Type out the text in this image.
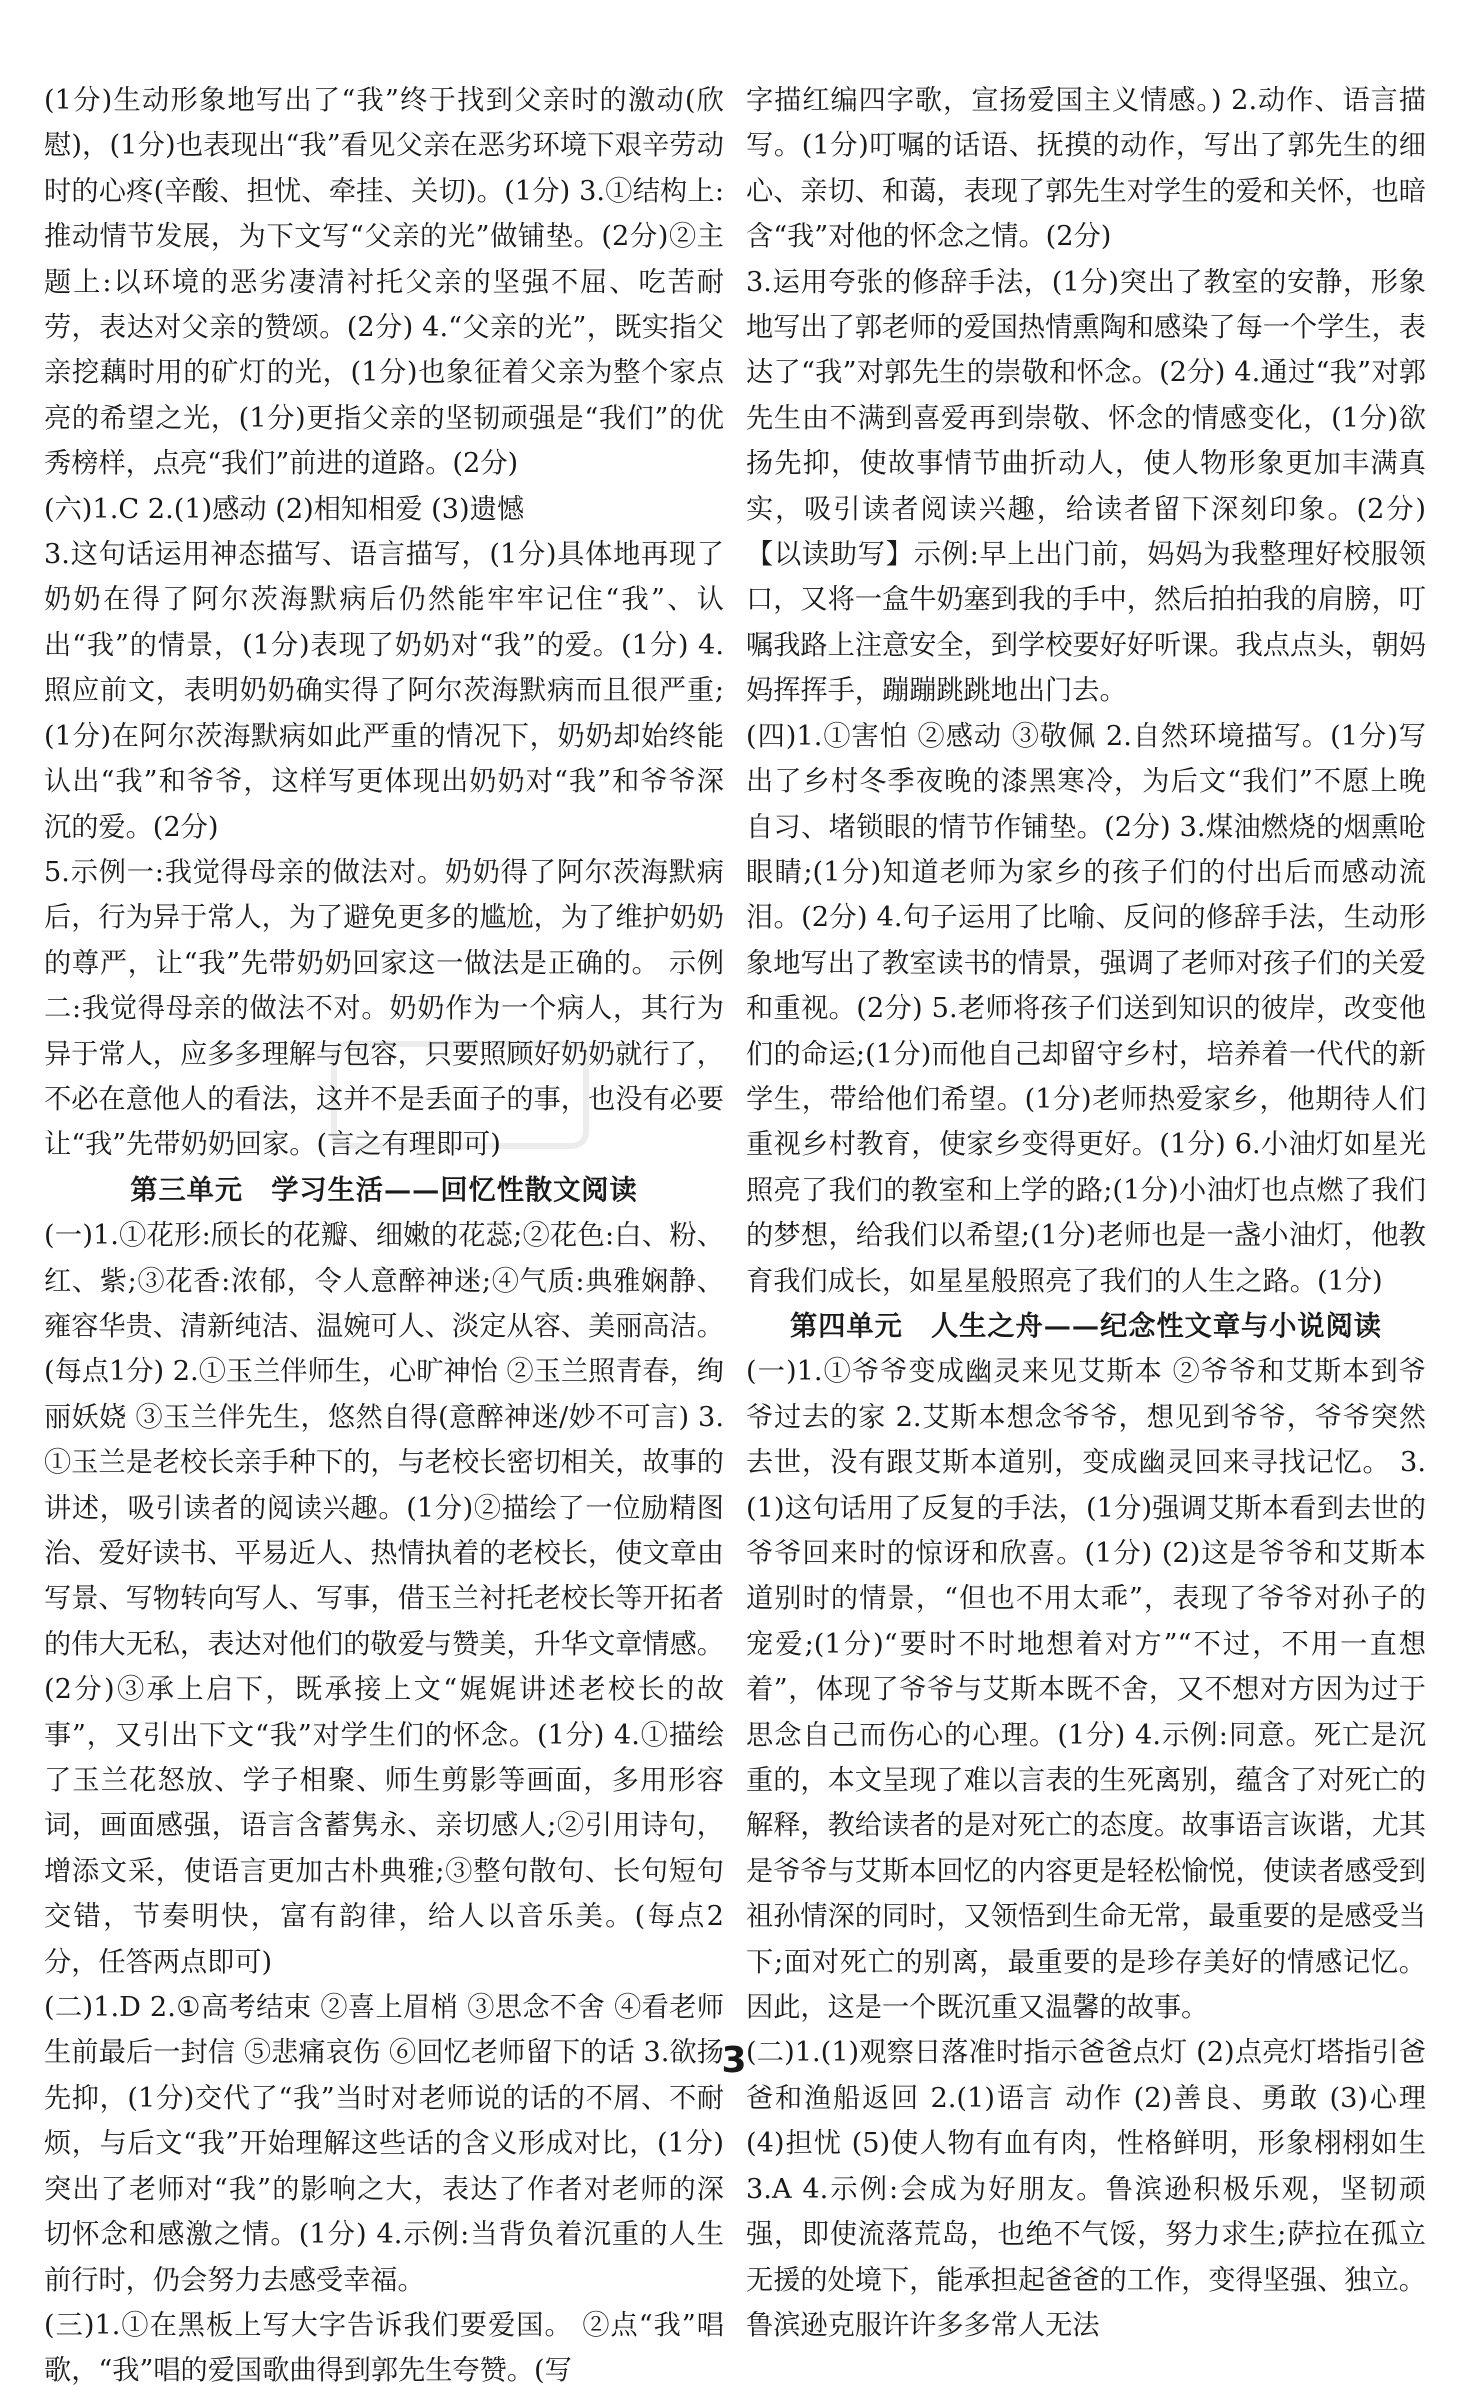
(1分)生动形象地写出了“我”终于找到父亲时的激动(欣慰)，(1分)也表现出“我”看见父亲在恶劣环境下艰辛劳动时的心疼(辛酸、担忧、牵挂、关切)。(1分) 3.①结构上:推动情节发展，为下文写“父亲的光”做铺垫。(2分)②主题上:以环境的恶劣凄清衬托父亲的坚强不屈、吃苦耐劳，表达对父亲的赞颂。(2分) 4.“父亲的光”，既实指父亲挖藕时用的矿灯的光，(1分)也象征着父亲为整个家点亮的希望之光，(1分)更指父亲的坚韧顽强是“我们”的优秀榜样，点亮“我们”前进的道路。(2分)

(六)1.C 2.(1)感动 (2)相知相爱 (3)遗憾

3.这句话运用神态描写、语言描写，(1分)具体地再现了奶奶在得了阿尔茨海默病后仍然能牢牢记住“我”、认出“我”的情景，(1分)表现了奶奶对“我”的爱。(1分) 4.照应前文，表明奶奶确实得了阿尔茨海默病而且很严重;(1分)在阿尔茨海默病如此严重的情况下，奶奶却始终能认出“我”和爷爷，这样写更体现出奶奶对“我”和爷爷深沉的爱。(2分)

5.示例一:我觉得母亲的做法对。奶奶得了阿尔茨海默病后，行为异于常人，为了避免更多的尴尬，为了维护奶奶的尊严，让“我”先带奶奶回家这一做法是正确的。 示例二:我觉得母亲的做法不对。奶奶作为一个病人，其行为异于常人，应多多理解与包容，只要照顾好奶奶就行了，不必在意他人的看法，这并不是丢面子的事，也没有必要让“我”先带奶奶回家。(言之有理即可)

第三单元　学习生活——回忆性散文阅读

(一)1.①花形:颀长的花瓣、细嫩的花蕊;②花色:白、粉、红、紫;③花香:浓郁，令人意醉神迷;④气质:典雅娴静、雍容华贵、清新纯洁、温婉可人、淡定从容、美丽高洁。(每点1分) 2.①玉兰伴师生，心旷神怡 ②玉兰照青春，绚丽妖娆 ③玉兰伴先生，悠然自得(意醉神迷/妙不可言) 3.①玉兰是老校长亲手种下的，与老校长密切相关，故事的讲述，吸引读者的阅读兴趣。(1分)②描绘了一位励精图治、爱好读书、平易近人、热情执着的老校长，使文章由写景、写物转向写人、写事，借玉兰衬托老校长等开拓者的伟大无私，表达对他们的敬爱与赞美，升华文章情感。(2分)③承上启下，既承接上文“娓娓讲述老校长的故事”，又引出下文“我”对学生们的怀念。(1分) 4.①描绘了玉兰花怒放、学子相聚、师生剪影等画面，多用形容词，画面感强，语言含蓄隽永、亲切感人;②引用诗句，增添文采，使语言更加古朴典雅;③整句散句、长句短句交错，节奏明快，富有韵律，给人以音乐美。(每点2分，任答两点即可)

(二)1.D 2.①高考结束 ②喜上眉梢 ③思念不舍 ④看老师生前最后一封信 ⑤悲痛哀伤 ⑥回忆老师留下的话 3.欲扬先抑，(1分)交代了“我”当时对老师说的话的不屑、不耐烦，与后文“我”开始理解这些话的含义形成对比，(1分)突出了老师对“我”的影响之大，表达了作者对老师的深切怀念和感激之情。(1分) 4.示例:当背负着沉重的人生前行时，仍会努力去感受幸福。

(三)1.①在黑板上写大字告诉我们要爱国。 ②点“我”唱歌，“我”唱的爱国歌曲得到郭先生夸赞。(写

字描红编四字歌，宣扬爱国主义情感。) 2.动作、语言描写。(1分)叮嘱的话语、抚摸的动作，写出了郭先生的细心、亲切、和蔼，表现了郭先生对学生的爱和关怀，也暗含“我”对他的怀念之情。(2分)

3.运用夸张的修辞手法，(1分)突出了教室的安静，形象地写出了郭老师的爱国热情熏陶和感染了每一个学生，表达了“我”对郭先生的崇敬和怀念。(2分) 4.通过“我”对郭先生由不满到喜爱再到崇敬、怀念的情感变化，(1分)欲扬先抑，使故事情节曲折动人，使人物形象更加丰满真实，吸引读者阅读兴趣，给读者留下深刻印象。(2分) 【以读助写】示例:早上出门前，妈妈为我整理好校服领口，又将一盒牛奶塞到我的手中，然后拍拍我的肩膀，叮嘱我路上注意安全，到学校要好好听课。我点点头，朝妈妈挥挥手，蹦蹦跳跳地出门去。

(四)1.①害怕 ②感动 ③敬佩 2.自然环境描写。(1分)写出了乡村冬季夜晚的漆黑寒冷，为后文“我们”不愿上晚自习、堵锁眼的情节作铺垫。(2分) 3.煤油燃烧的烟熏呛眼睛;(1分)知道老师为家乡的孩子们的付出后而感动流泪。(2分) 4.句子运用了比喻、反问的修辞手法，生动形象地写出了教室读书的情景，强调了老师对孩子们的关爱和重视。(2分) 5.老师将孩子们送到知识的彼岸，改变他们的命运;(1分)而他自己却留守乡村，培养着一代代的新学生，带给他们希望。(1分)老师热爱家乡，他期待人们重视乡村教育，使家乡变得更好。(1分) 6.小油灯如星光照亮了我们的教室和上学的路;(1分)小油灯也点燃了我们的梦想，给我们以希望;(1分)老师也是一盏小油灯，他教育我们成长，如星星般照亮了我们的人生之路。(1分)

第四单元　人生之舟——纪念性文章与小说阅读

(一)1.①爷爷变成幽灵来见艾斯本 ②爷爷和艾斯本到爷爷过去的家 2.艾斯本想念爷爷，想见到爷爷，爷爷突然去世，没有跟艾斯本道别，变成幽灵回来寻找记忆。 3.(1)这句话用了反复的手法，(1分)强调艾斯本看到去世的爷爷回来时的惊讶和欣喜。(1分) (2)这是爷爷和艾斯本道别时的情景，“但也不用太乖”，表现了爷爷对孙子的宠爱;(1分)“要时不时地想着对方”“不过，不用一直想着”，体现了爷爷与艾斯本既不舍，又不想对方因为过于思念自己而伤心的心理。(1分) 4.示例:同意。死亡是沉重的，本文呈现了难以言表的生死离别，蕴含了对死亡的解释，教给读者的是对死亡的态度。故事语言诙谐，尤其是爷爷与艾斯本回忆的内容更是轻松愉悦，使读者感受到祖孙情深的同时，又领悟到生命无常，最重要的是感受当下;面对死亡的别离，最重要的是珍存美好的情感记忆。因此，这是一个既沉重又温馨的故事。

(二)1.(1)观察日落准时指示爸爸点灯 (2)点亮灯塔指引爸爸和渔船返回 2.(1)语言 动作 (2)善良、勇敢 (3)心理 (4)担忧 (5)使人物有血有肉，性格鲜明，形象栩栩如生 3.A 4.示例:会成为好朋友。鲁滨逊积极乐观，坚韧顽强，即使流落荒岛，也绝不气馁，努力求生;萨拉在孤立无援的处境下，能承担起爸爸的工作，变得坚强、独立。鲁滨逊克服许许多多常人无法

3
